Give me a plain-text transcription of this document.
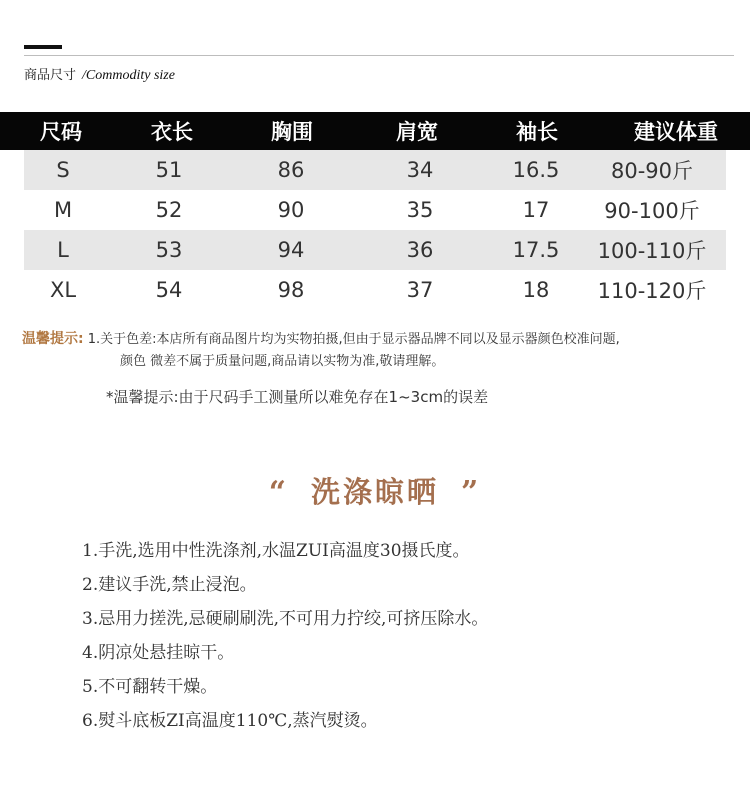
商品尺寸 /Commodity size
尺码	衣长	胸围	肩宽	袖长	建议体重
S	51	86	34	16.5	80-90斤
M	52	90	35	17	90-100斤
L	53	94	36	17.5	100-110斤
XL	54	98	37	18	110-120斤
温馨提示: 1.关于色差:本店所有商品图片均为实物拍摄,但由于显示器品牌不同以及显示器颜色校准问题,
颜色 微差不属于质量问题,商品请以实物为准,敬请理解。
*温馨提示:由于尺码手工测量所以难免存在1~3cm的误差
“ 洗涤晾晒 ”
1.手洗,选用中性洗涤剂,水温ZUI高温度30摄氏度。
2.建议手洗,禁止浸泡。
3.忌用力搓洗,忌硬刷刷洗,不可用力拧绞,可挤压除水。
4.阴凉处悬挂晾干。
5.不可翻转干燥。
6.熨斗底板ZI高温度110℃,蒸汽熨烫。
